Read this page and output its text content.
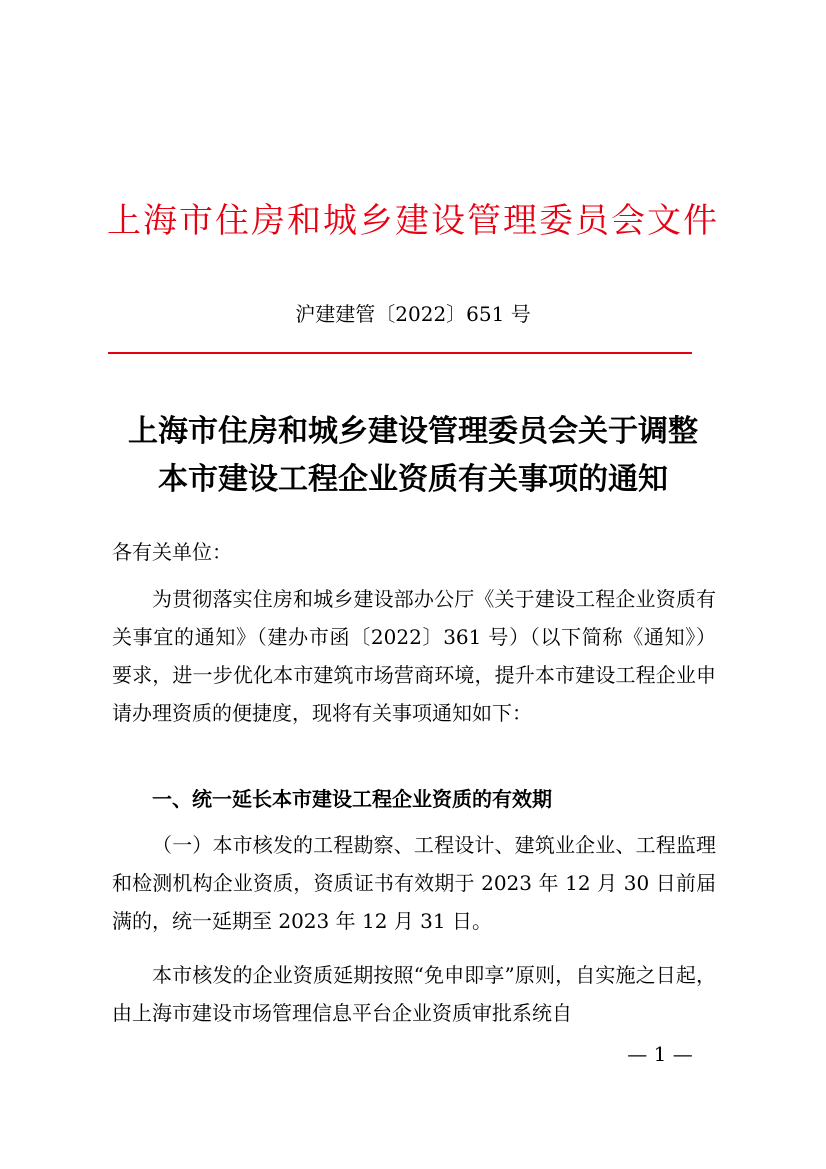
上海市住房和城乡建设管理委员会文件
沪建建管〔2022〕651 号
上海市住房和城乡建设管理委员会关于调整
本市建设工程企业资质有关事项的通知
各有关单位：
为贯彻落实住房和城乡建设部办公厅《关于建设工程企业资质有关事宜的通知》（建办市函〔2022〕361 号）（以下简称《通知》）要求，进一步优化本市建筑市场营商环境，提升本市建设工程企业申请办理资质的便捷度，现将有关事项通知如下：
一、统一延长本市建设工程企业资质的有效期
（一）本市核发的工程勘察、工程设计、建筑业企业、工程监理和检测机构企业资质，资质证书有效期于 2023 年 12 月 30 日前届满的，统一延期至 2023 年 12 月 31 日。
本市核发的企业资质延期按照“免申即享”原则，自实施之日起，由上海市建设市场管理信息平台企业资质审批系统自
— 1 —
